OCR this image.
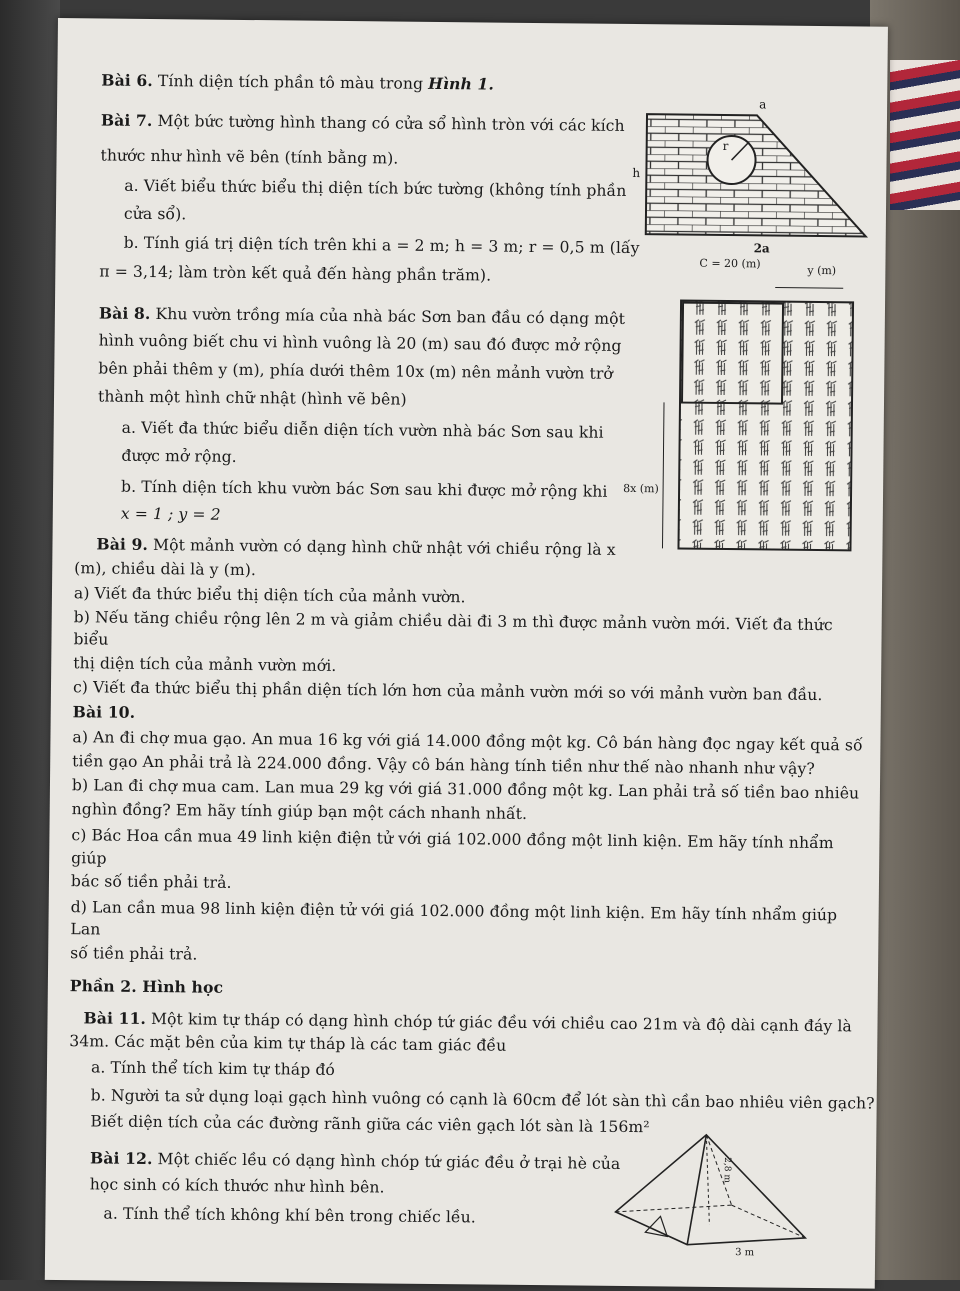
Bài 6. Tính diện tích phần tô màu trong Hình 1.
Bài 7. Một bức tường hình thang có cửa sổ hình tròn với các kích
thước như hình vẽ bên (tính bằng m).
a. Viết biểu thức biểu thị diện tích bức tường (không tính phần
cửa sổ).
b. Tính giá trị diện tích trên khi a = 2 m; h = 3 m; r = 0,5 m (lấy
π = 3,14; làm tròn kết quả đến hàng phần trăm).
Bài 8. Khu vườn trồng mía của nhà bác Sơn ban đầu có dạng một
hình vuông biết chu vi hình vuông là 20 (m) sau đó được mở rộng
bên phải thêm y (m), phía dưới thêm 10x (m) nên mảnh vườn trở
thành một hình chữ nhật (hình vẽ bên)
a. Viết đa thức biểu diễn diện tích vườn nhà bác Sơn sau khi
được mở rộng.
b. Tính diện tích khu vườn bác Sơn sau khi được mở rộng khi
x = 1 ; y = 2
Bài 9. Một mảnh vườn có dạng hình chữ nhật với chiều rộng là x
(m), chiều dài là y (m).
a) Viết đa thức biểu thị diện tích của mảnh vườn.
b) Nếu tăng chiều rộng lên 2 m và giảm chiều dài đi 3 m thì được mảnh vườn mới. Viết đa thức
biểu
thị diện tích của mảnh vườn mới.
c) Viết đa thức biểu thị phần diện tích lớn hơn của mảnh vườn mới so với mảnh vườn ban đầu.
Bài 10.
a) An đi chợ mua gạo. An mua 16 kg với giá 14.000 đồng một kg. Cô bán hàng đọc ngay kết quả số
tiền gạo An phải trả là 224.000 đồng. Vậy cô bán hàng tính tiền như thế nào nhanh như vậy?
b) Lan đi chợ mua cam. Lan mua 29 kg với giá 31.000 đồng một kg. Lan phải trả số tiền bao nhiêu
nghìn đồng? Em hãy tính giúp bạn một cách nhanh nhất.
c) Bác Hoa cần mua 49 linh kiện điện tử với giá 102.000 đồng một linh kiện. Em hãy tính nhẩm
giúp
bác số tiền phải trả.
d) Lan cần mua 98 linh kiện điện tử với giá 102.000 đồng một linh kiện. Em hãy tính nhẩm giúp
Lan
số tiền phải trả.
Phần 2. Hình học
Bài 11. Một kim tự tháp có dạng hình chóp tứ giác đều với chiều cao 21m và độ dài cạnh đáy là
34m. Các mặt bên của kim tự tháp là các tam giác đều
a. Tính thể tích kim tự tháp đó
b. Người ta sử dụng loại gạch hình vuông có cạnh là 60cm để lót sàn thì cần bao nhiêu viên gạch?
Biết diện tích của các đường rãnh giữa các viên gạch lót sàn là 156m²
Bài 12. Một chiếc lều có dạng hình chóp tứ giác đều ở trại hè của
học sinh có kích thước như hình bên.
a. Tính thể tích không khí bên trong chiếc lều.
a
r
h
2a
C = 20 (m)
y (m)
8x (m)
2,8 m
3 m
